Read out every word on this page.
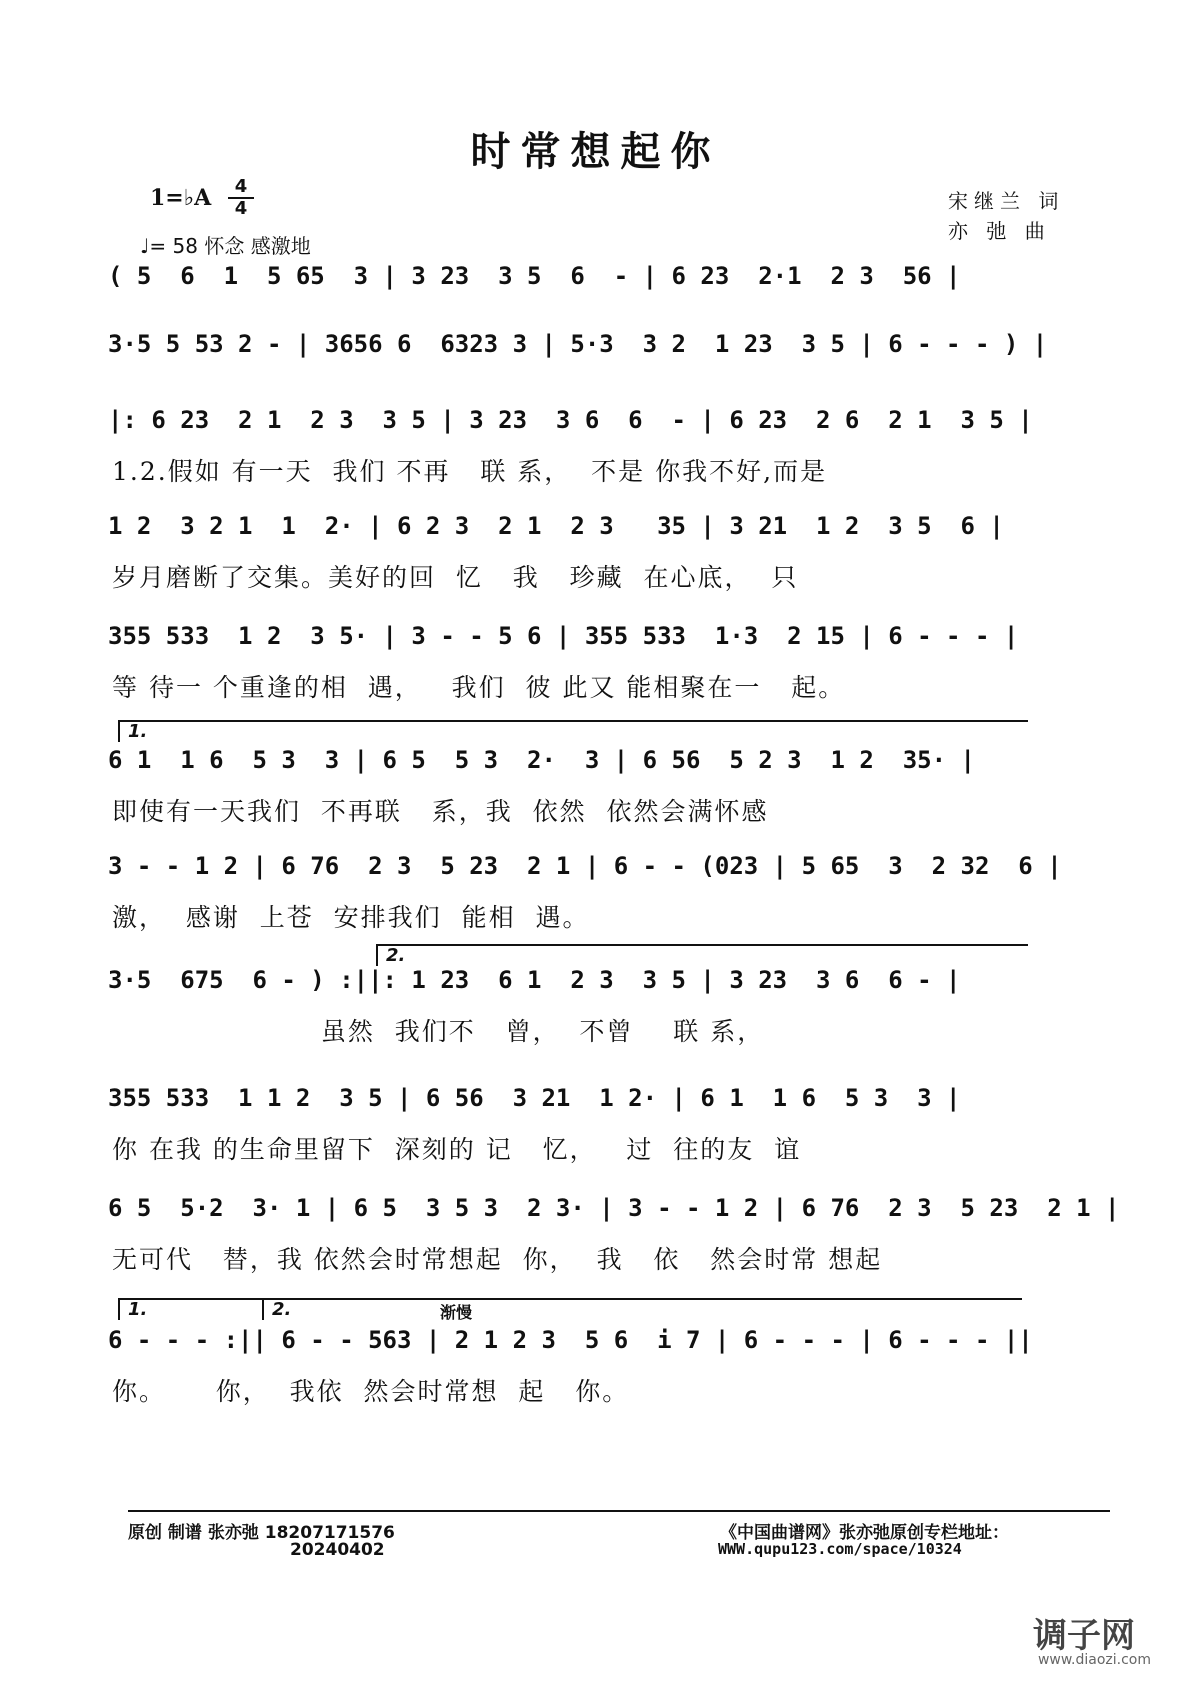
时常想起你
1=♭A	4
4
♩= 58 怀念 感激地
宋继兰 词
亦 弛 曲
( 5  6  1  5 65  3 | 3 23  3 5  6  - | 6 23  2·1  2 3  56 |
3·5 5 53 2 - | 3656 6  6323 3 | 5·3  3 2  1 23  3 5 | 6 - - - ) |
|: 6 23  2 1  2 3  3 5 | 3 23  3 6  6  - | 6 23  2 6  2 1  3 5 |
1.2.假如 有一天  我们 不再   联 系，  不是 你我不好,而是
1 2  3 2 1  1  2· | 6 2 3  2 1  2 3   35 | 3 21  1 2  3 5  6 |
岁月磨断了交集。美好的回  忆   我   珍藏  在心底，  只
355 533  1 2  3 5· | 3 - - 5 6 | 355 533  1·3  2 15 | 6 - - - |
等 待一 个重逢的相  遇，   我们  彼 此又 能相聚在一   起。
1.
6 1  1 6  5 3  3 | 6 5  5 3  2·  3 | 6 56  5 2 3  1 2  35· |
即使有一天我们  不再联   系，我  依然  依然会满怀感
3 - - 1 2 | 6 76  2 3  5 23  2 1 | 6 - - (023 | 5 65  3  2 32  6 |
激，  感谢  上苍  安排我们  能相  遇。
2.
3·5  675  6 - ) :||: 1 23  6 1  2 3  3 5 | 3 23  3 6  6 - |
虽然  我们不   曾，  不曾    联 系，
355 533  1 1 2  3 5 | 6 56  3 21  1 2· | 6 1  1 6  5 3  3 |
你 在我 的生命里留下  深刻的 记   忆，   过  往的友  谊
6 5  5·2  3· 1 | 6 5  3 5 3  2 3· | 3 - - 1 2 | 6 76  2 3  5 23  2 1 |
无可代   替，我 依然会时常想起  你，  我   依   然会时常 想起
1.	2.	渐慢
6 - - - :|| 6 - - 563 | 2 1 2 3  5 6  i 7 | 6 - - - | 6 - - - ||
你。     你，  我依  然会时常想  起   你。
原创 制谱 张亦弛 18207171576
20240402
《中国曲谱网》张亦弛原创专栏地址：
WWW.qupu123.com/space/10324
调子网
www.diaozi.com
